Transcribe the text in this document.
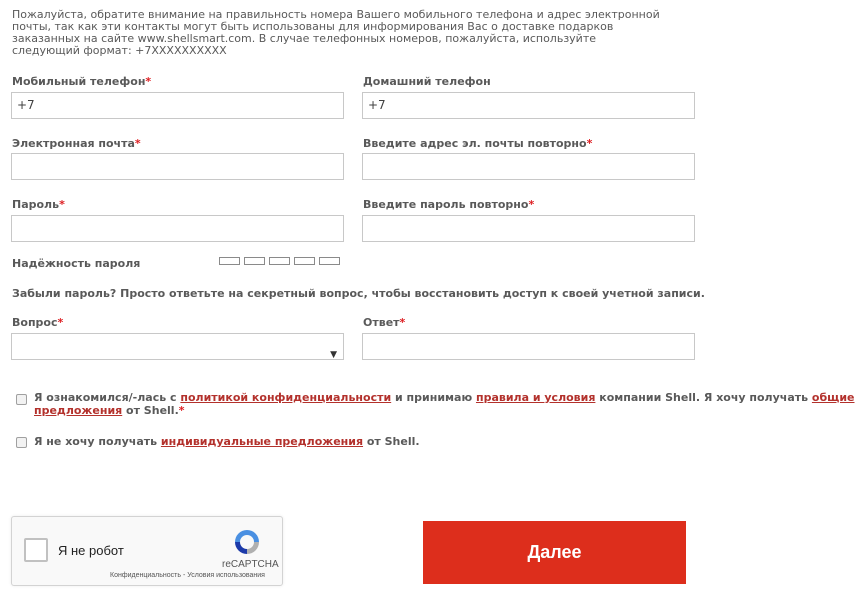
Пожалуйста, обратите внимание на правильность номера Вашего мобильного телефона и адрес электронной
почты, так как эти контакты могут быть использованы для информирования Вас о доставке подарков
заказанных на сайте www.shellsmart.com. В случае телефонных номеров, пожалуйста, используйте
следующий формат: +7XXXXXXXXXX
Мобильный телефон*
+7
Домашний телефон
+7
Электронная почта*	Введите адрес эл. почты повторно*
Пароль*	Введите пароль повторно*
Надёжность пароля
Забыли пароль? Просто ответьте на секретный вопрос, чтобы восстановить доступ к своей учетной записи.
Вопрос*
▼
Ответ*
Я ознакомился/-лась с политикой конфиденциальности и принимаю правила и условия компании Shell. Я хочу получать общие
предложения от Shell.*
Я не хочу получать индивидуальные предложения от Shell.
Я не робот
reCAPTCHA
Конфиденциальность - Условия использования
Далее
